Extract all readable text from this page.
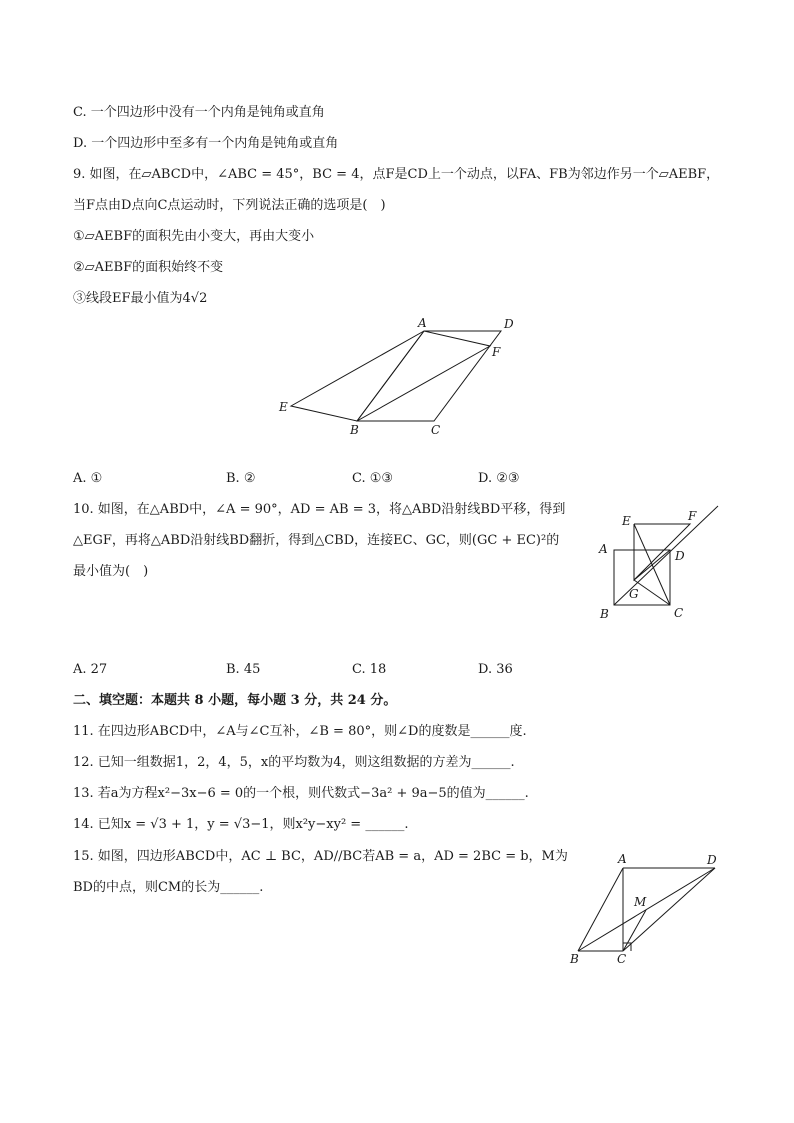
C. 一个四边形中没有一个内角是钝角或直角
D. 一个四边形中至多有一个内角是钝角或直角
9. 如图，在▱ABCD中，∠ABC = 45°，BC = 4，点F是CD上一个动点，以FA、FB为邻边作另一个▱AEBF，
当F点由D点向C点运动时，下列说法正确的选项是(　)
①▱AEBF的面积先由小变大，再由大变小
②▱AEBF的面积始终不变
③线段EF最小值为4√2
A	D
F
E
B	C
A. ①	B. ②	C. ①③	D. ②③
10. 如图，在△ABD中，∠A = 90°，AD = AB = 3，将△ABD沿射线BD平移，得到
△EGF，再将△ABD沿射线BD翻折，得到△CBD，连接EC、GC，则(GC + EC)²的
最小值为(　)
E	F
A	D
G
B	C
A. 27	B. 45	C. 18	D. 36
二、填空题：本题共 8 小题，每小题 3 分，共 24 分。
11. 在四边形ABCD中，∠A与∠C互补，∠B = 80°，则∠D的度数是______度.
12. 已知一组数据1，2，4，5，x的平均数为4，则这组数据的方差为______.
13. 若a为方程x²−3x−6 = 0的一个根，则代数式−3a² + 9a−5的值为______.
14. 已知x = √3 + 1，y = √3−1，则x²y−xy² = ______.
15. 如图，四边形ABCD中，AC ⊥ BC，AD//BC若AB = a，AD = 2BC = b，M为
BD的中点，则CM的长为______.
A	D
M
B	C
